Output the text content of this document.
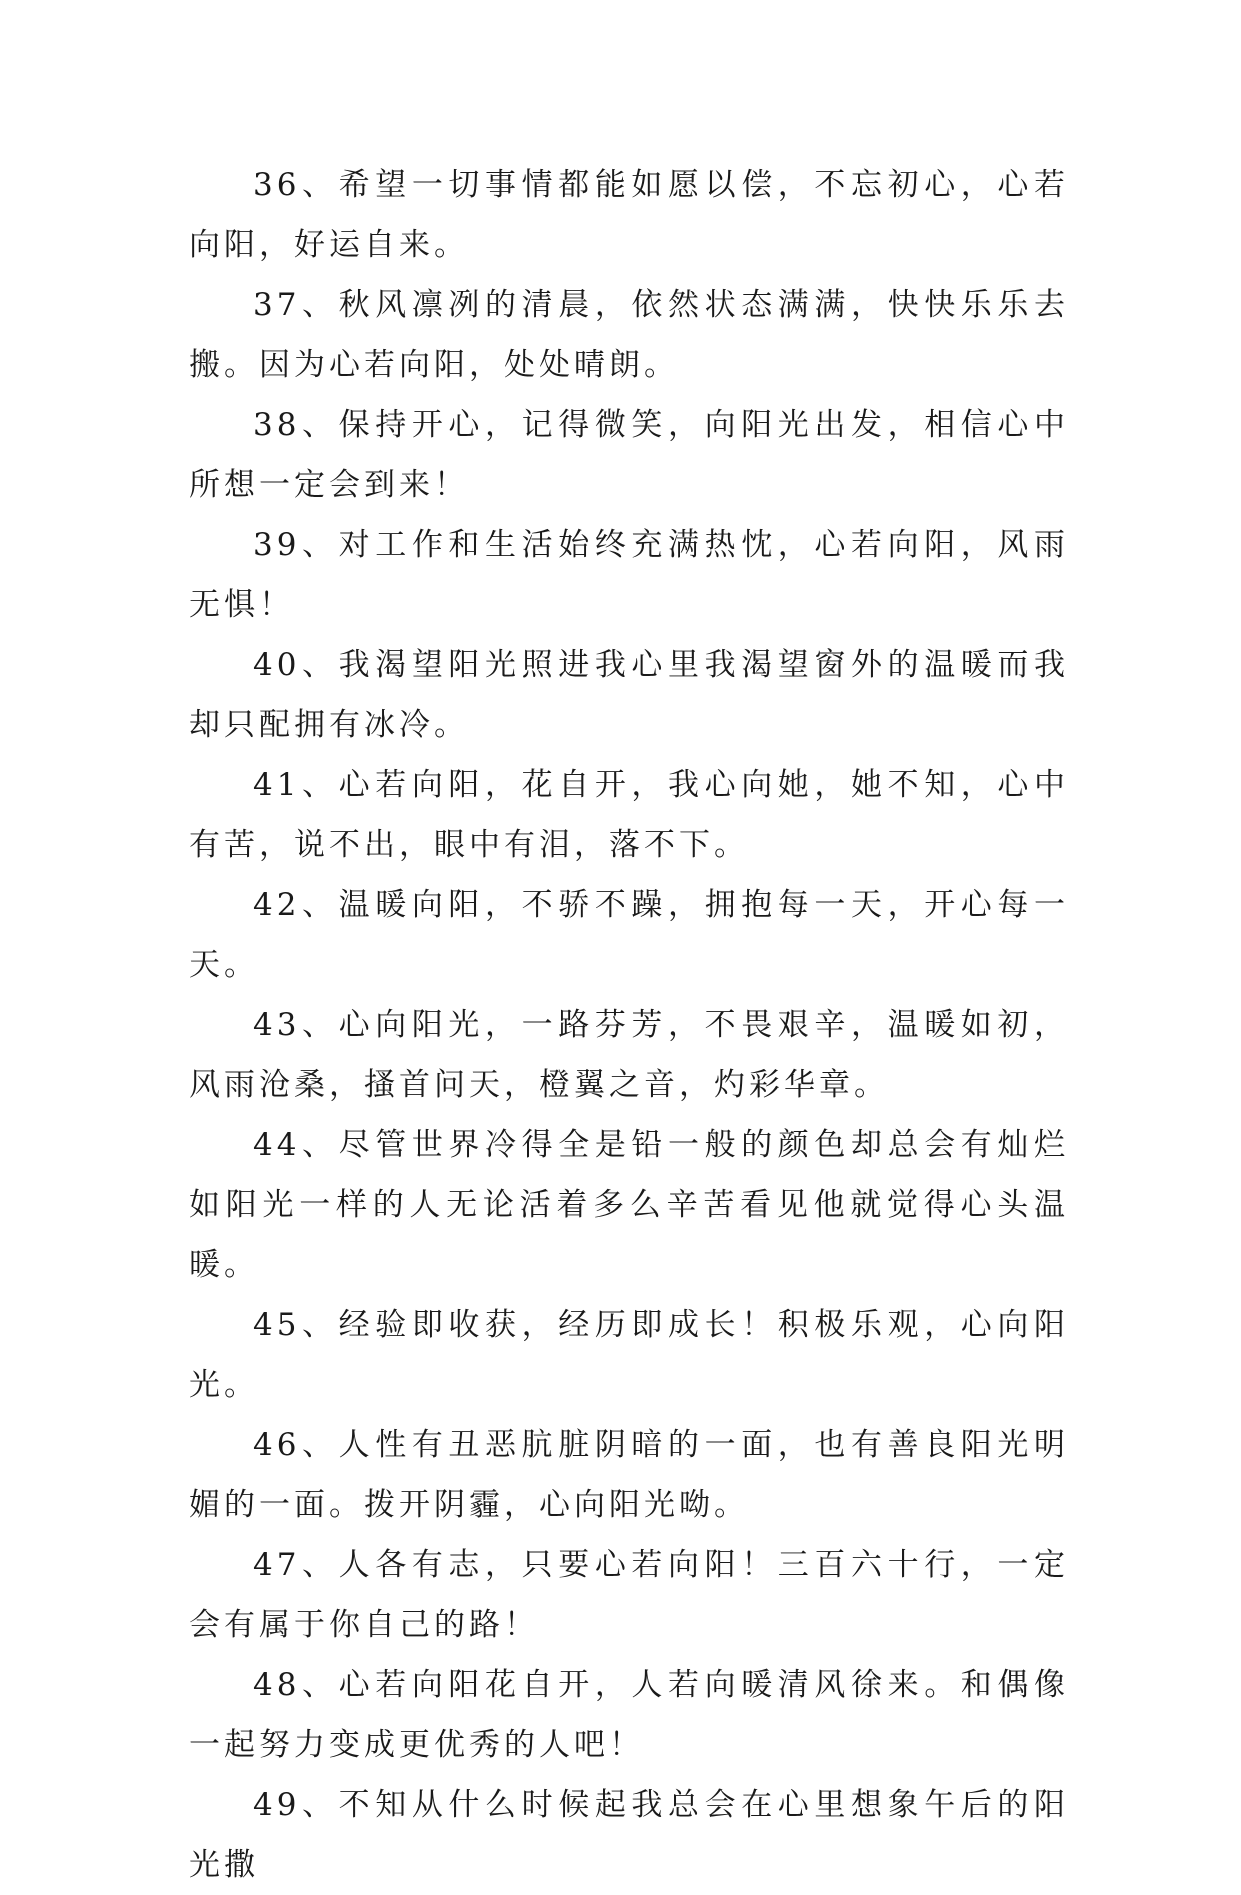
36、希望一切事情都能如愿以偿，不忘初心，心若向阳，好运自来。

37、秋风凛冽的清晨，依然状态满满，快快乐乐去搬。因为心若向阳，处处晴朗。

38、保持开心，记得微笑，向阳光出发，相信心中所想一定会到来！

39、对工作和生活始终充满热忱，心若向阳，风雨无惧！

40、我渴望阳光照进我心里我渴望窗外的温暖而我却只配拥有冰冷。

41、心若向阳，花自开，我心向她，她不知，心中有苦，说不出，眼中有泪，落不下。

42、温暖向阳，不骄不躁，拥抱每一天，开心每一天。

43、心向阳光，一路芬芳，不畏艰辛，温暖如初，风雨沧桑，搔首问天，橙翼之音，灼彩华章。

44、尽管世界冷得全是铅一般的颜色却总会有灿烂如阳光一样的人无论活着多么辛苦看见他就觉得心头温暖。

45、经验即收获，经历即成长！积极乐观，心向阳光。

46、人性有丑恶肮脏阴暗的一面，也有善良阳光明媚的一面。拨开阴霾，心向阳光呦。

47、人各有志，只要心若向阳！三百六十行，一定会有属于你自己的路！

48、心若向阳花自开，人若向暖清风徐来。和偶像一起努力变成更优秀的人吧！

49、不知从什么时候起我总会在心里想象午后的阳光撒
